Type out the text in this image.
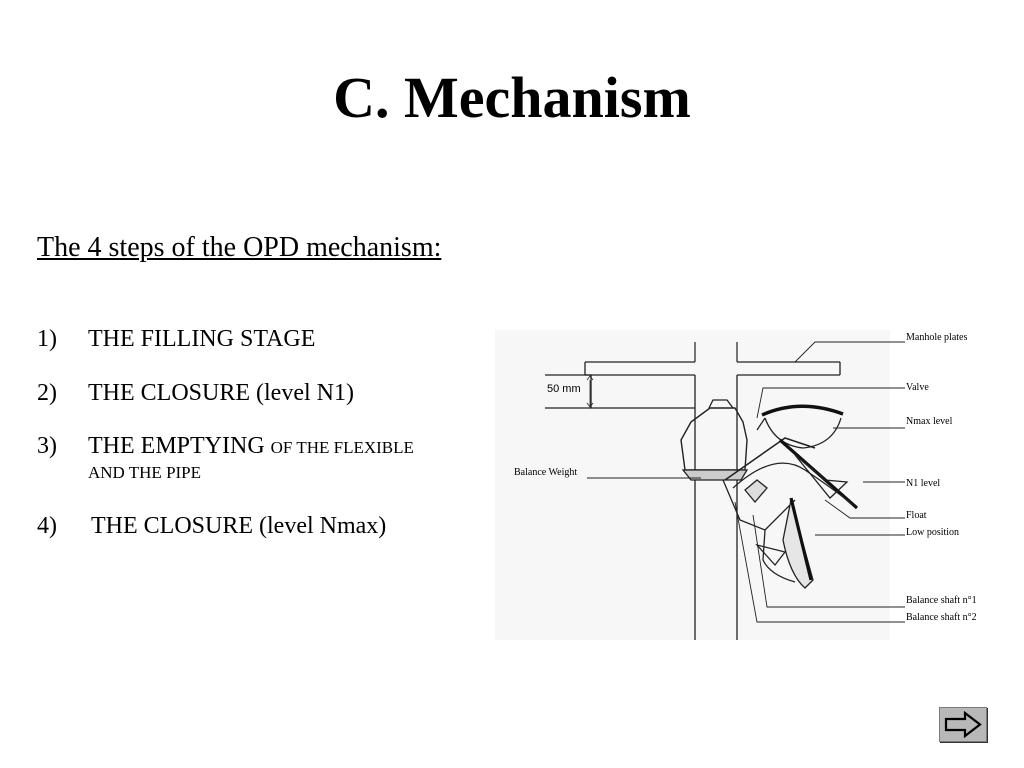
C. Mechanism
The 4 steps of the OPD mechanism:
1) THE FILLING STAGE
2) THE CLOSURE (level N1)
3) THE EMPTYING OF THE FLEXIBLE
AND THE PIPE
4) THE CLOSURE (level Nmax)
50 mm
Manhole plates
Valve
Nmax level
Balance Weight
N1 level
Float
Low position
Balance shaft n°1
Balance shaft n°2
